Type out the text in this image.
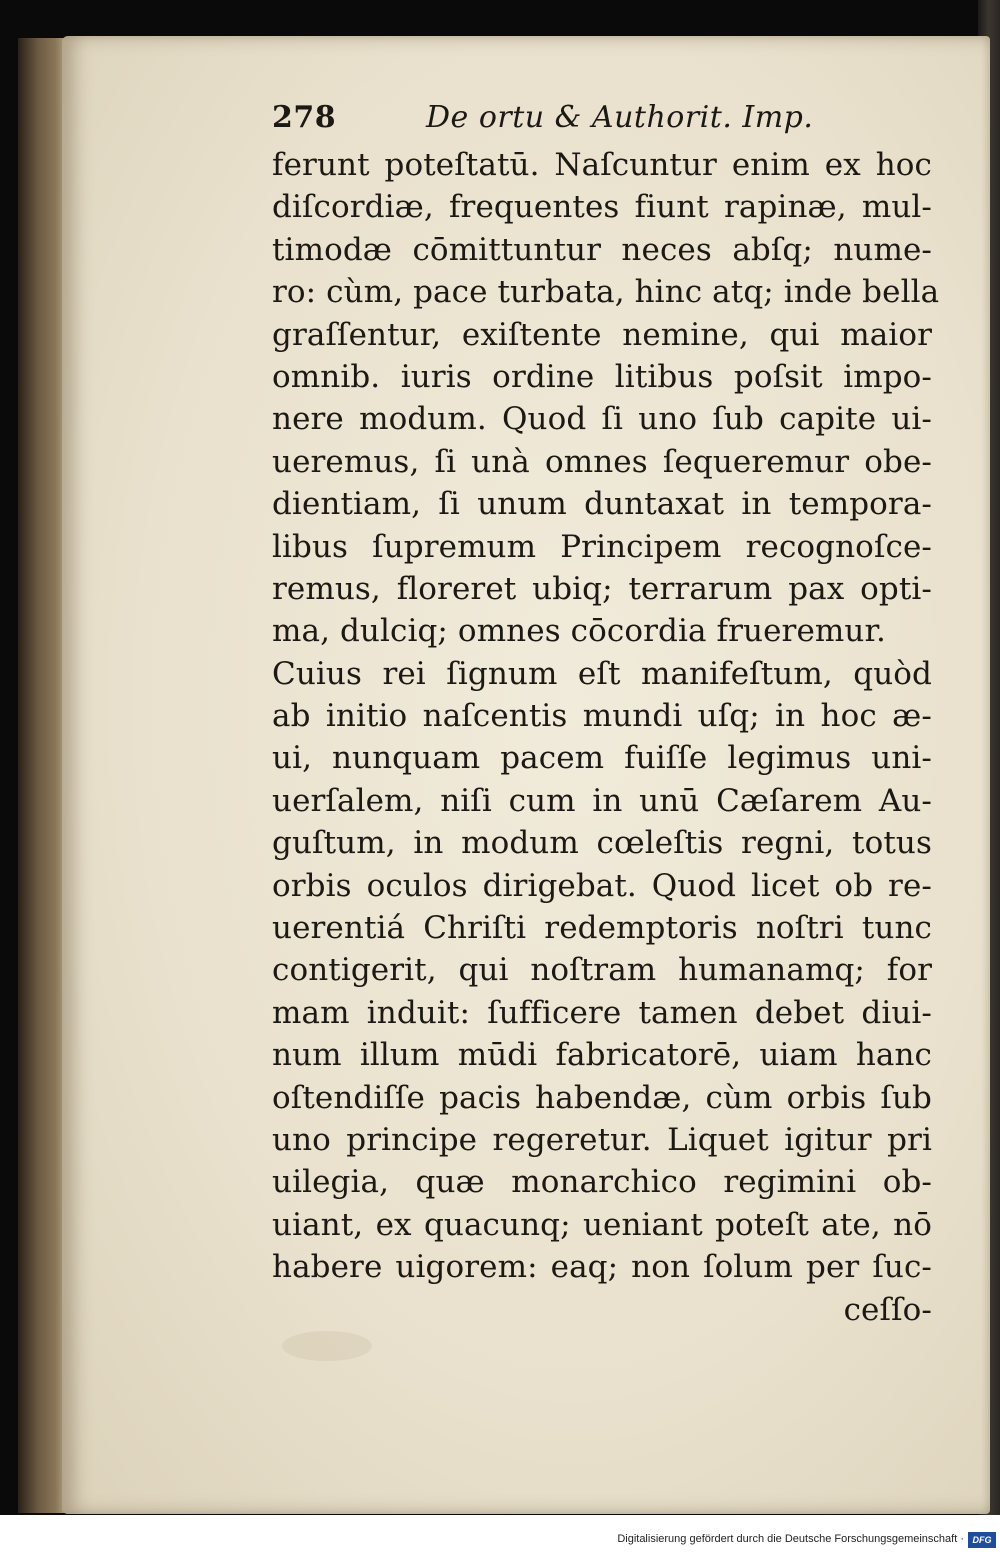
278	De ortu & Authorit. Imp.
ferunt poteſtatū. Naſcuntur enim ex hoc
diſcordiæ, frequentes fiunt rapinæ, mul-
timodæ cōmittuntur neces abſq; nume-
ro: cùm, pace turbata, hinc atq; inde bella
graſſentur, exiſtente nemine, qui maior
omnib. iuris ordine litibus poſsit impo-
nere modum. Quod ſi uno ſub capite ui-
ueremus, ſi unà omnes ſequeremur obe-
dientiam, ſi unum duntaxat in tempora-
libus ſupremum Principem recognoſce-
remus, floreret ubiq; terrarum pax opti-
ma, dulciq; omnes cōcordia frueremur.
Cuius rei ſignum eſt manifeſtum, quòd
ab initio naſcentis mundi uſq; in hoc æ-
ui, nunquam pacem fuiſſe legimus uni-
uerſalem, niſi cum in unū Cæſarem Au-
guſtum, in modum cœleſtis regni, totus
orbis oculos dirigebat. Quod licet ob re-
uerentiá Chriſti redemptoris noſtri tunc
contigerit, qui noſtram humanamq; for
mam induit: ſufficere tamen debet diui-
num illum mūdi fabricatorē, uiam hanc
oſtendiſſe pacis habendæ, cùm orbis ſub
uno principe regeretur. Liquet igitur pri
uilegia, quæ monarchico regimini ob-
uiant, ex quacunq; ueniant poteſt ate, nō
habere uigorem: eaq; non ſolum per ſuc-
ceſſo-
Digitalisierung gefördert durch die Deutsche Forschungsgemeinschaft · DFG
